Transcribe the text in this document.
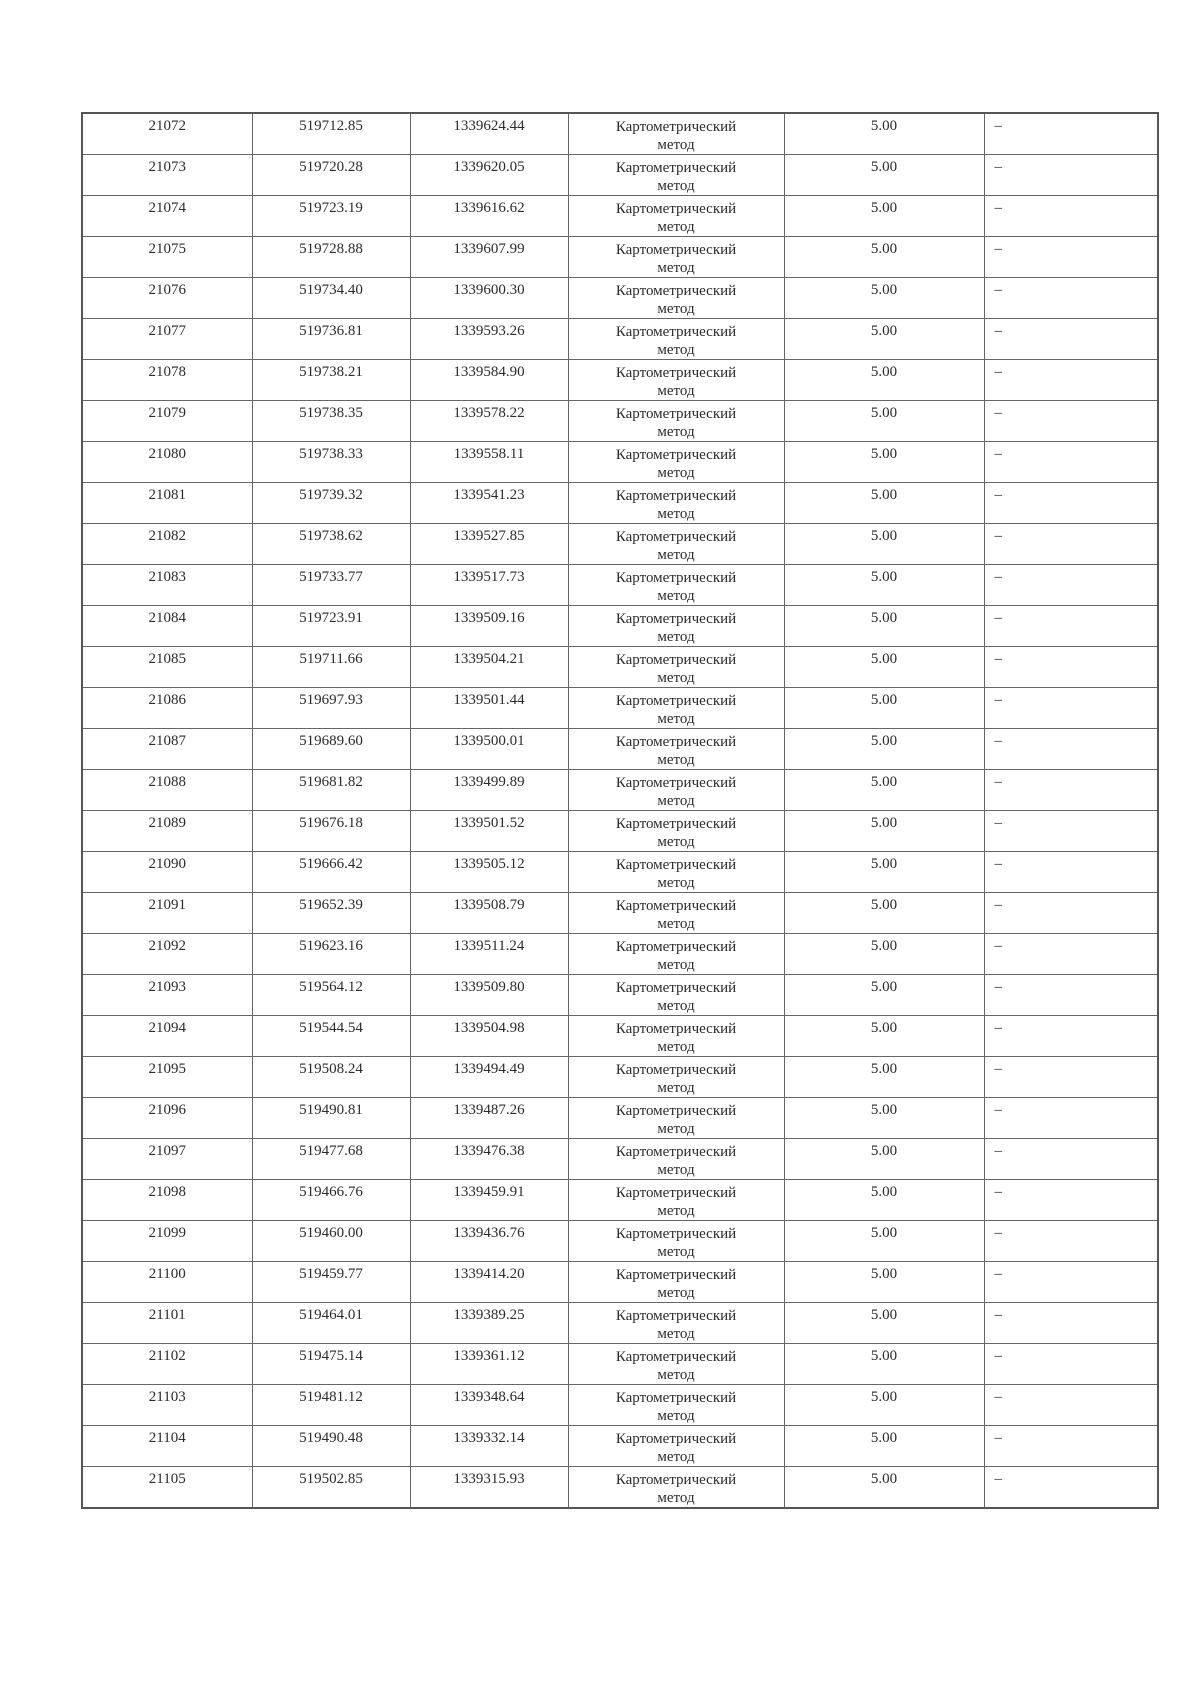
21072	519712.85	1339624.44	Картометрический
метод	5.00	–
21073	519720.28	1339620.05	Картометрический
метод	5.00	–
21074	519723.19	1339616.62	Картометрический
метод	5.00	–
21075	519728.88	1339607.99	Картометрический
метод	5.00	–
21076	519734.40	1339600.30	Картометрический
метод	5.00	–
21077	519736.81	1339593.26	Картометрический
метод	5.00	–
21078	519738.21	1339584.90	Картометрический
метод	5.00	–
21079	519738.35	1339578.22	Картометрический
метод	5.00	–
21080	519738.33	1339558.11	Картометрический
метод	5.00	–
21081	519739.32	1339541.23	Картометрический
метод	5.00	–
21082	519738.62	1339527.85	Картометрический
метод	5.00	–
21083	519733.77	1339517.73	Картометрический
метод	5.00	–
21084	519723.91	1339509.16	Картометрический
метод	5.00	–
21085	519711.66	1339504.21	Картометрический
метод	5.00	–
21086	519697.93	1339501.44	Картометрический
метод	5.00	–
21087	519689.60	1339500.01	Картометрический
метод	5.00	–
21088	519681.82	1339499.89	Картометрический
метод	5.00	–
21089	519676.18	1339501.52	Картометрический
метод	5.00	–
21090	519666.42	1339505.12	Картометрический
метод	5.00	–
21091	519652.39	1339508.79	Картометрический
метод	5.00	–
21092	519623.16	1339511.24	Картометрический
метод	5.00	–
21093	519564.12	1339509.80	Картометрический
метод	5.00	–
21094	519544.54	1339504.98	Картометрический
метод	5.00	–
21095	519508.24	1339494.49	Картометрический
метод	5.00	–
21096	519490.81	1339487.26	Картометрический
метод	5.00	–
21097	519477.68	1339476.38	Картометрический
метод	5.00	–
21098	519466.76	1339459.91	Картометрический
метод	5.00	–
21099	519460.00	1339436.76	Картометрический
метод	5.00	–
21100	519459.77	1339414.20	Картометрический
метод	5.00	–
21101	519464.01	1339389.25	Картометрический
метод	5.00	–
21102	519475.14	1339361.12	Картометрический
метод	5.00	–
21103	519481.12	1339348.64	Картометрический
метод	5.00	–
21104	519490.48	1339332.14	Картометрический
метод	5.00	–
21105	519502.85	1339315.93	Картометрический
метод	5.00	–
